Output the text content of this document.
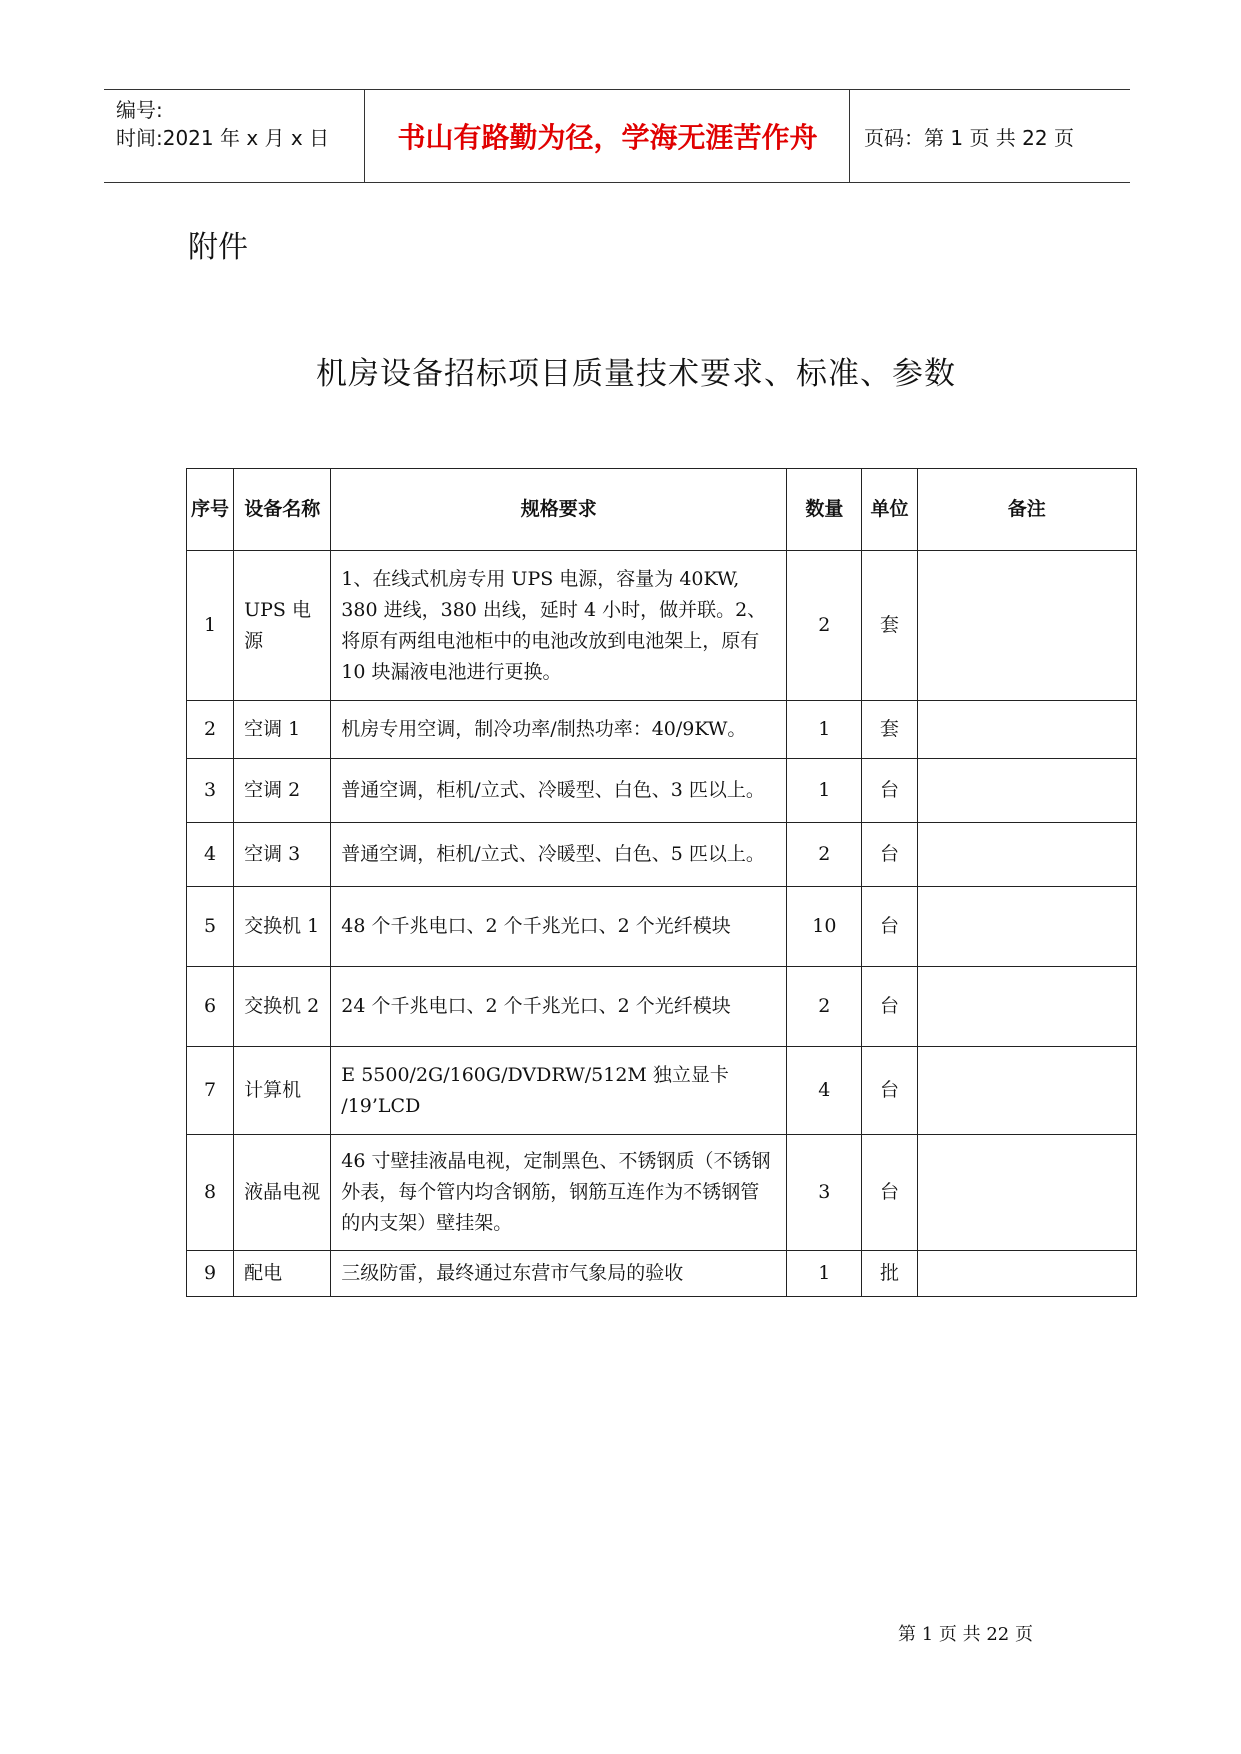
编号:
时间:2021 年 x 月 x 日	书山有路勤为径，学海无涯苦作舟	页码：第 1 页 共 22 页
附件
机房设备招标项目质量技术要求、标准、参数
序号	设备名称	规格要求	数量	单位	备注
1	UPS 电源	1、在线式机房专用 UPS 电源，容量为 40KW, 380 进线，380 出线，延时 4 小时，做并联。2、将原有两组电池柜中的电池改放到电池架上，原有 10 块漏液电池进行更换。	2	套	
2	空调 1	机房专用空调，制冷功率/制热功率：40/9KW。	1	套	
3	空调 2	普通空调，柜机/立式、冷暖型、白色、3 匹以上。	1	台	
4	空调 3	普通空调，柜机/立式、冷暖型、白色、5 匹以上。	2	台	
5	交换机 1	48 个千兆电口、2 个千兆光口、2 个光纤模块	10	台	
6	交换机 2	24 个千兆电口、2 个千兆光口、2 个光纤模块	2	台	
7	计算机	E 5500/2G/160G/DVDRW/512M 独立显卡 /19’LCD	4	台	
8	液晶电视	46 寸壁挂液晶电视，定制黑色、不锈钢质（不锈钢外表，每个管内均含钢筋，钢筋互连作为不锈钢管的内支架）壁挂架。	3	台	
9	配电	三级防雷，最终通过东营市气象局的验收	1	批	
第 1 页 共 22 页
